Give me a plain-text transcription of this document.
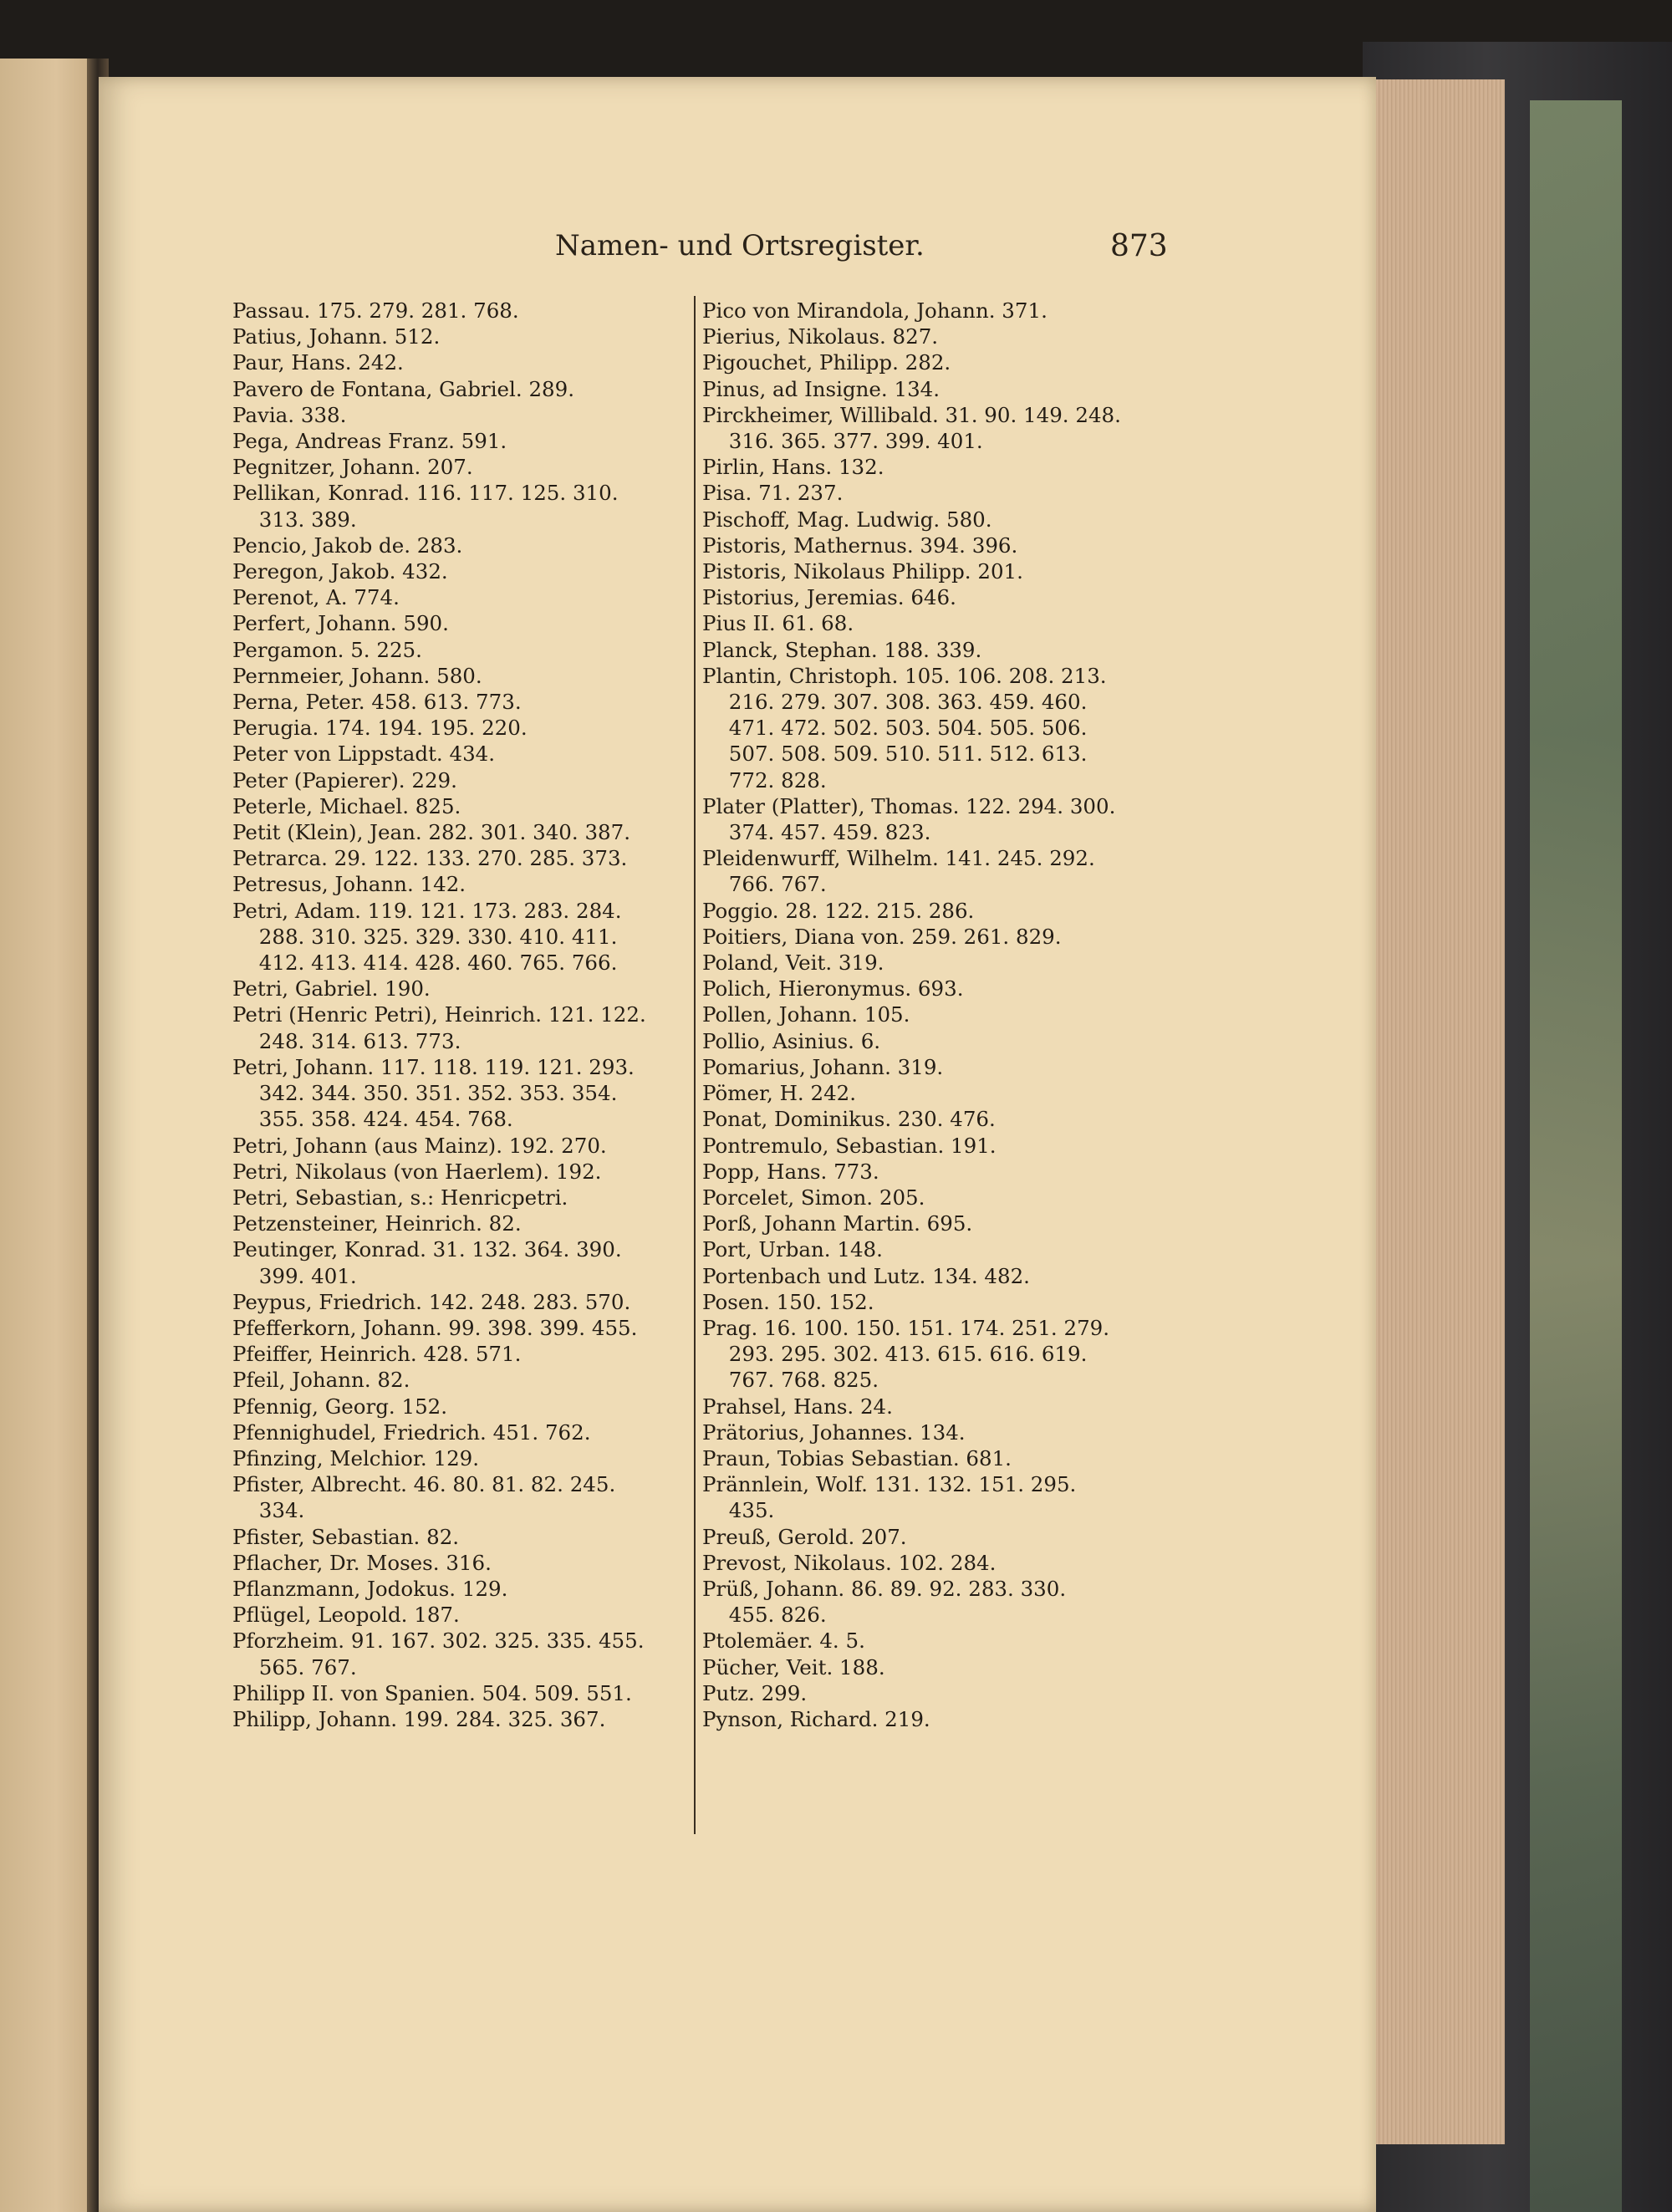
Namen- und Ortsregister.	873
Passau. 175. 279. 281. 768.
Patius, Johann. 512.
Paur, Hans. 242.
Pavero de Fontana, Gabriel. 289.
Pavia. 338.
Pega, Andreas Franz. 591.
Pegnitzer, Johann. 207.
Pellikan, Konrad. 116. 117. 125. 310.
313. 389.
Pencio, Jakob de. 283.
Peregon, Jakob. 432.
Perenot, A. 774.
Perfert, Johann. 590.
Pergamon. 5. 225.
Pernmeier, Johann. 580.
Perna, Peter. 458. 613. 773.
Perugia. 174. 194. 195. 220.
Peter von Lippstadt. 434.
Peter (Papierer). 229.
Peterle, Michael. 825.
Petit (Klein), Jean. 282. 301. 340. 387.
Petrarca. 29. 122. 133. 270. 285. 373.
Petresus, Johann. 142.
Petri, Adam. 119. 121. 173. 283. 284.
288. 310. 325. 329. 330. 410. 411.
412. 413. 414. 428. 460. 765. 766.
Petri, Gabriel. 190.
Petri (Henric Petri), Heinrich. 121. 122.
248. 314. 613. 773.
Petri, Johann. 117. 118. 119. 121. 293.
342. 344. 350. 351. 352. 353. 354.
355. 358. 424. 454. 768.
Petri, Johann (aus Mainz). 192. 270.
Petri, Nikolaus (von Haerlem). 192.
Petri, Sebastian, s.: Henricpetri.
Petzensteiner, Heinrich. 82.
Peutinger, Konrad. 31. 132. 364. 390.
399. 401.
Peypus, Friedrich. 142. 248. 283. 570.
Pfefferkorn, Johann. 99. 398. 399. 455.
Pfeiffer, Heinrich. 428. 571.
Pfeil, Johann. 82.
Pfennig, Georg. 152.
Pfennighudel, Friedrich. 451. 762.
Pfinzing, Melchior. 129.
Pfister, Albrecht. 46. 80. 81. 82. 245.
334.
Pfister, Sebastian. 82.
Pflacher, Dr. Moses. 316.
Pflanzmann, Jodokus. 129.
Pflügel, Leopold. 187.
Pforzheim. 91. 167. 302. 325. 335. 455.
565. 767.
Philipp II. von Spanien. 504. 509. 551.
Philipp, Johann. 199. 284. 325. 367.
Pico von Mirandola, Johann. 371.
Pierius, Nikolaus. 827.
Pigouchet, Philipp. 282.
Pinus, ad Insigne. 134.
Pirckheimer, Willibald. 31. 90. 149. 248.
316. 365. 377. 399. 401.
Pirlin, Hans. 132.
Pisa. 71. 237.
Pischoff, Mag. Ludwig. 580.
Pistoris, Mathernus. 394. 396.
Pistoris, Nikolaus Philipp. 201.
Pistorius, Jeremias. 646.
Pius II. 61. 68.
Planck, Stephan. 188. 339.
Plantin, Christoph. 105. 106. 208. 213.
216. 279. 307. 308. 363. 459. 460.
471. 472. 502. 503. 504. 505. 506.
507. 508. 509. 510. 511. 512. 613.
772. 828.
Plater (Platter), Thomas. 122. 294. 300.
374. 457. 459. 823.
Pleidenwurff, Wilhelm. 141. 245. 292.
766. 767.
Poggio. 28. 122. 215. 286.
Poitiers, Diana von. 259. 261. 829.
Poland, Veit. 319.
Polich, Hieronymus. 693.
Pollen, Johann. 105.
Pollio, Asinius. 6.
Pomarius, Johann. 319.
Pömer, H. 242.
Ponat, Dominikus. 230. 476.
Pontremulo, Sebastian. 191.
Popp, Hans. 773.
Porcelet, Simon. 205.
Porß, Johann Martin. 695.
Port, Urban. 148.
Portenbach und Lutz. 134. 482.
Posen. 150. 152.
Prag. 16. 100. 150. 151. 174. 251. 279.
293. 295. 302. 413. 615. 616. 619.
767. 768. 825.
Prahsel, Hans. 24.
Prätorius, Johannes. 134.
Praun, Tobias Sebastian. 681.
Prännlein, Wolf. 131. 132. 151. 295.
435.
Preuß, Gerold. 207.
Prevost, Nikolaus. 102. 284.
Prüß, Johann. 86. 89. 92. 283. 330.
455. 826.
Ptolemäer. 4. 5.
Pücher, Veit. 188.
Putz. 299.
Pynson, Richard. 219.
